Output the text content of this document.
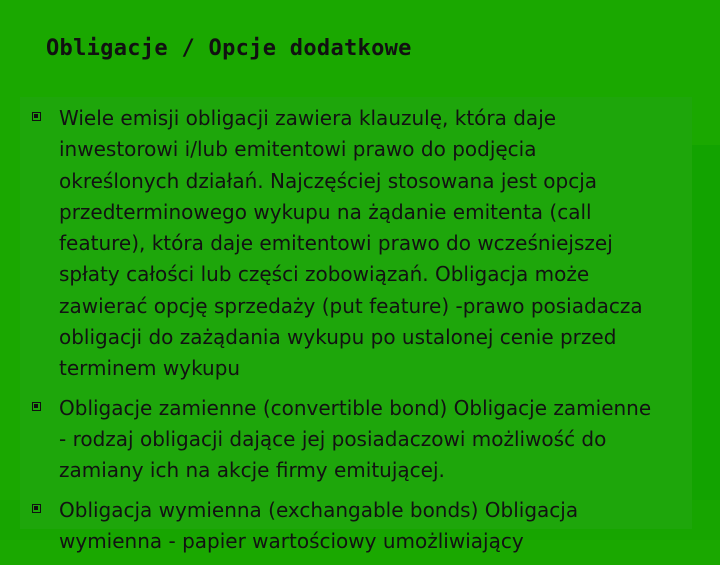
Obligacje / Opcje dodatkowe
Wiele emisji obligacji zawiera klauzulę, która daje
inwestorowi i/lub emitentowi prawo do podjęcia
określonych działań. Najczęściej stosowana jest opcja
przedterminowego wykupu na żądanie emitenta (call
feature), która daje emitentowi prawo do wcześniejszej
spłaty całości lub części zobowiązań. Obligacja może
zawierać opcję sprzedaży (put feature) -prawo posiadacza
obligacji do zażądania wykupu po ustalonej cenie przed
terminem wykupu
Obligacje zamienne (convertible bond) Obligacje zamienne
- rodzaj obligacji dające jej posiadaczowi możliwość do
zamiany ich na akcje firmy emitującej.
Obligacja wymienna (exchangable bonds) Obligacja
wymienna - papier wartościowy umożliwiający
